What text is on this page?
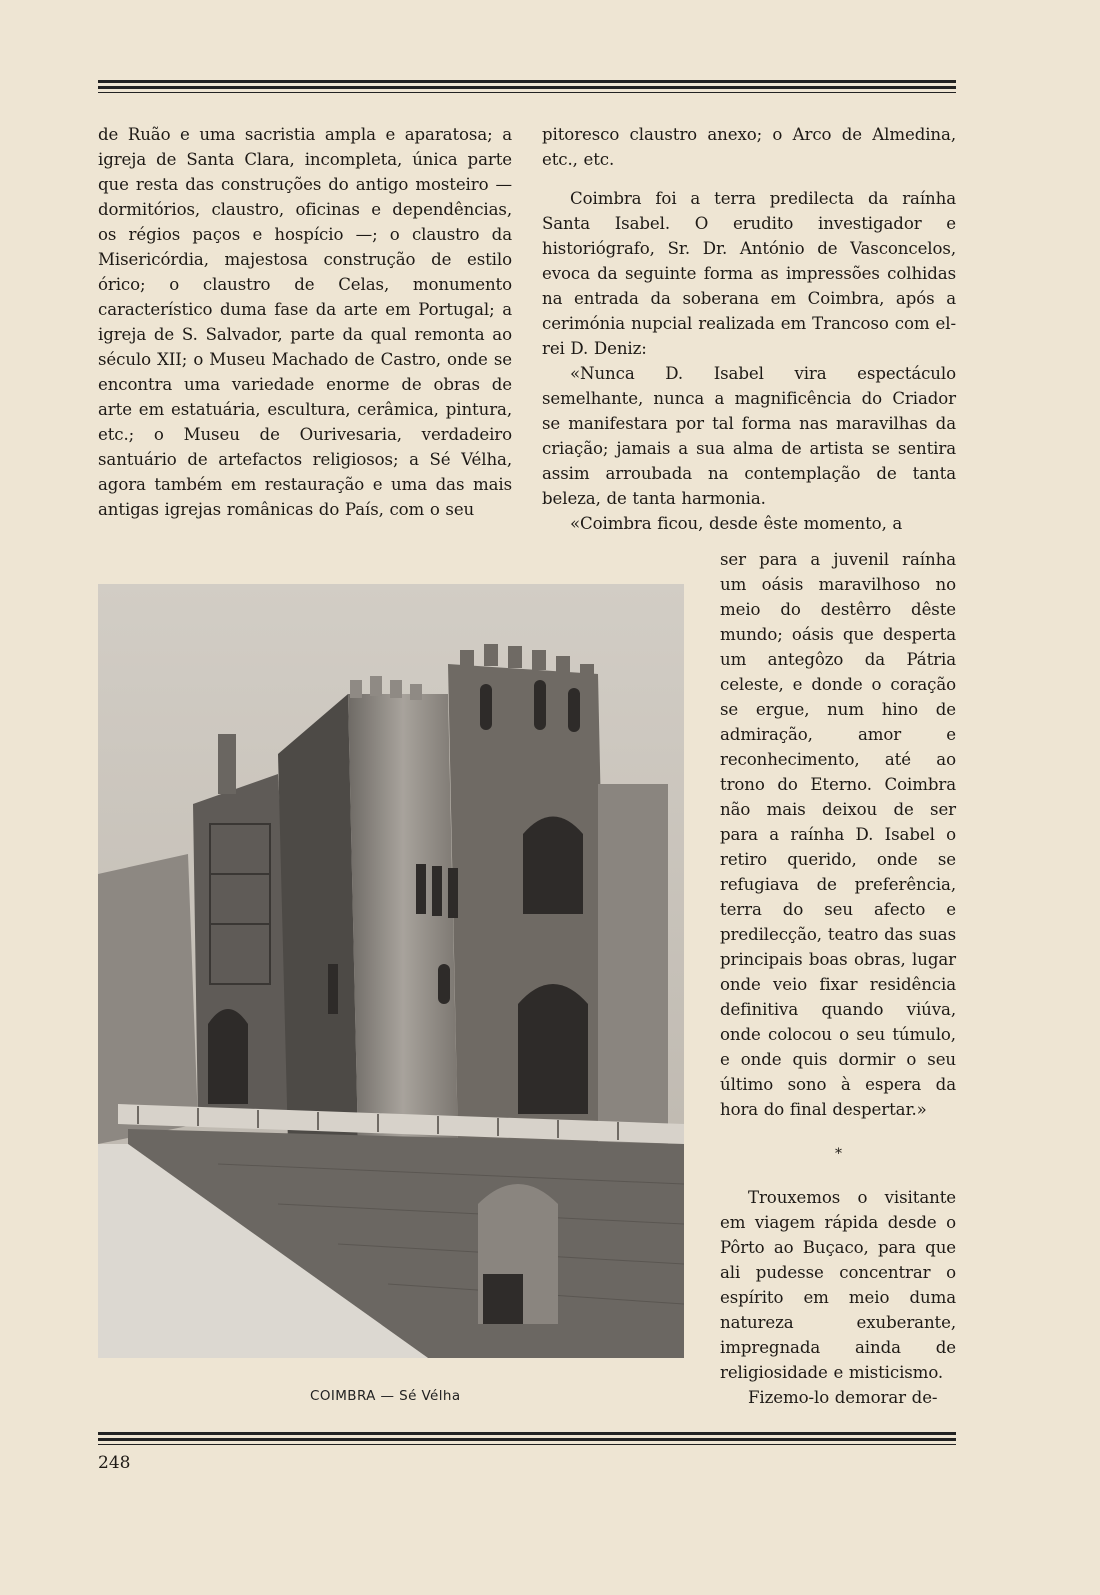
de Ruão e uma sacristia ampla e aparatosa; a igreja de Santa Clara, incompleta, única parte que resta das construções do antigo mosteiro — dormitórios, claustro, oficinas e dependências, os régios paços e hospício —; o claustro da Misericórdia, majestosa construção de estilo órico; o claustro de Celas, monumento característico duma fase da arte em Portugal; a igreja de S. Salvador, parte da qual remonta ao século XII; o Museu Machado de Castro, onde se encontra uma variedade enorme de obras de arte em estatuária, escultura, cerâmica, pintura, etc.; o Museu de Ourivesaria, verdadeiro santuário de artefactos religiosos; a Sé Vélha, agora também em restauração e uma das mais antigas igrejas românicas do País, com o seu

pitoresco claustro anexo; o Arco de Almedina, etc., etc.

Coimbra foi a terra predilecta da raínha Santa Isabel. O erudito investigador e historiógrafo, Sr. Dr. António de Vasconcelos, evoca da seguinte forma as impressões colhidas na entrada da soberana em Coimbra, após a cerimónia nupcial realizada em Trancoso com el-rei D. Deniz:

«Nunca D. Isabel vira espectáculo semelhante, nunca a magnificência do Criador se manifestara por tal forma nas maravilhas da criação; jamais a sua alma de artista se sentira assim arroubada na contemplação de tanta beleza, de tanta harmonia.

«Coimbra ficou, desde êste momento, a

ser para a juvenil raínha um oásis maravilhoso no meio do destêrro dêste mundo; oásis que desperta um antegôzo da Pátria celeste, e donde o coração se ergue, num hino de admiração, amor e reconhecimento, até ao trono do Eterno. Coimbra não mais deixou de ser para a raínha D. Isabel o retiro querido, onde se refugiava de preferência, terra do seu afecto e predilecção, teatro das suas principais boas obras, lugar onde veio fixar residência definitiva quando viúva, onde colocou o seu túmulo, e onde quis dormir o seu último sono à espera da hora do final despertar.»

COIMBRA — Sé Vélha
*

Trouxemos o visitante em viagem rápida desde o Pôrto ao Buçaco, para que ali pudesse concentrar o espírito em meio duma natureza exuberante, impregnada ainda de religiosidade e misticismo.

Fizemo-lo demorar de-

248
